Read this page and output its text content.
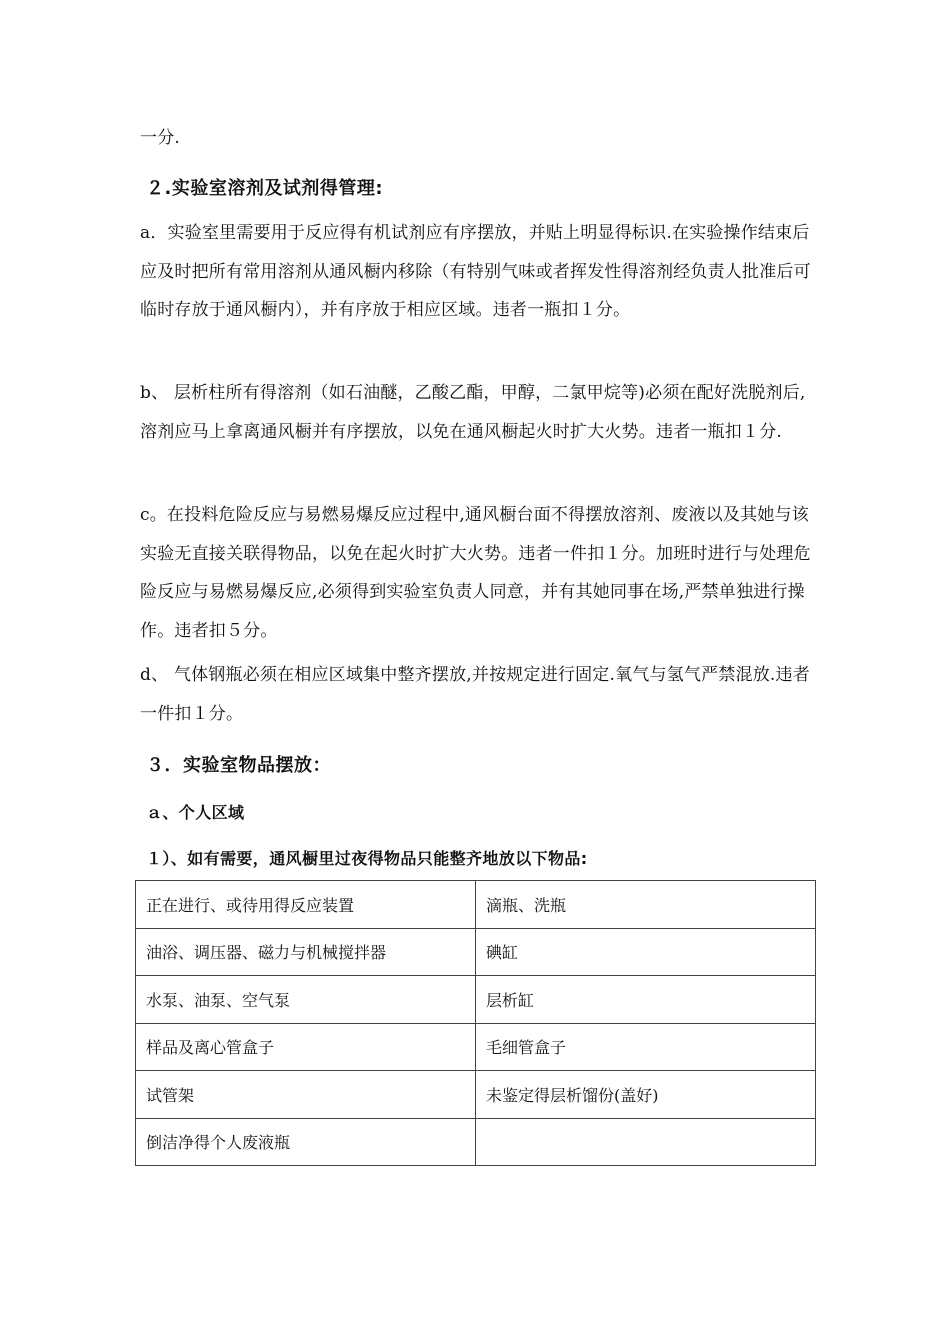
一分.
２.实验室溶剂及试剂得管理:
a．实验室里需要用于反应得有机试剂应有序摆放，并贴上明显得标识.在实验操作结束后应及时把所有常用溶剂从通风橱内移除（有特别气味或者挥发性得溶剂经负责人批准后可临时存放于通风橱内），并有序放于相应区域。违者一瓶扣１分。
b、 层析柱所有得溶剂（如石油醚，乙酸乙酯，甲醇，二氯甲烷等)必须在配好洗脱剂后,溶剂应马上拿离通风橱并有序摆放，以免在通风橱起火时扩大火势。违者一瓶扣１分.
c。在投料危险反应与易燃易爆反应过程中,通风橱台面不得摆放溶剂、废液以及其她与该实验无直接关联得物品，以免在起火时扩大火势。违者一件扣１分。加班时进行与处理危险反应与易燃易爆反应,必须得到实验室负责人同意，并有其她同事在场,严禁单独进行操作。违者扣５分。
d、 气体钢瓶必须在相应区域集中整齐摆放,并按规定进行固定.氧气与氢气严禁混放.违者一件扣１分。
３．实验室物品摆放：
ａ、个人区域
１）、如有需要，通风橱里过夜得物品只能整齐地放以下物品:
正在进行、或待用得反应装置	滴瓶、洗瓶
油浴、调压器、磁力与机械搅拌器	碘缸
水泵、油泵、空气泵	层析缸
样品及离心管盒子	毛细管盒子
试管架	未鉴定得层析馏份(盖好)
倒洁净得个人废液瓶	
